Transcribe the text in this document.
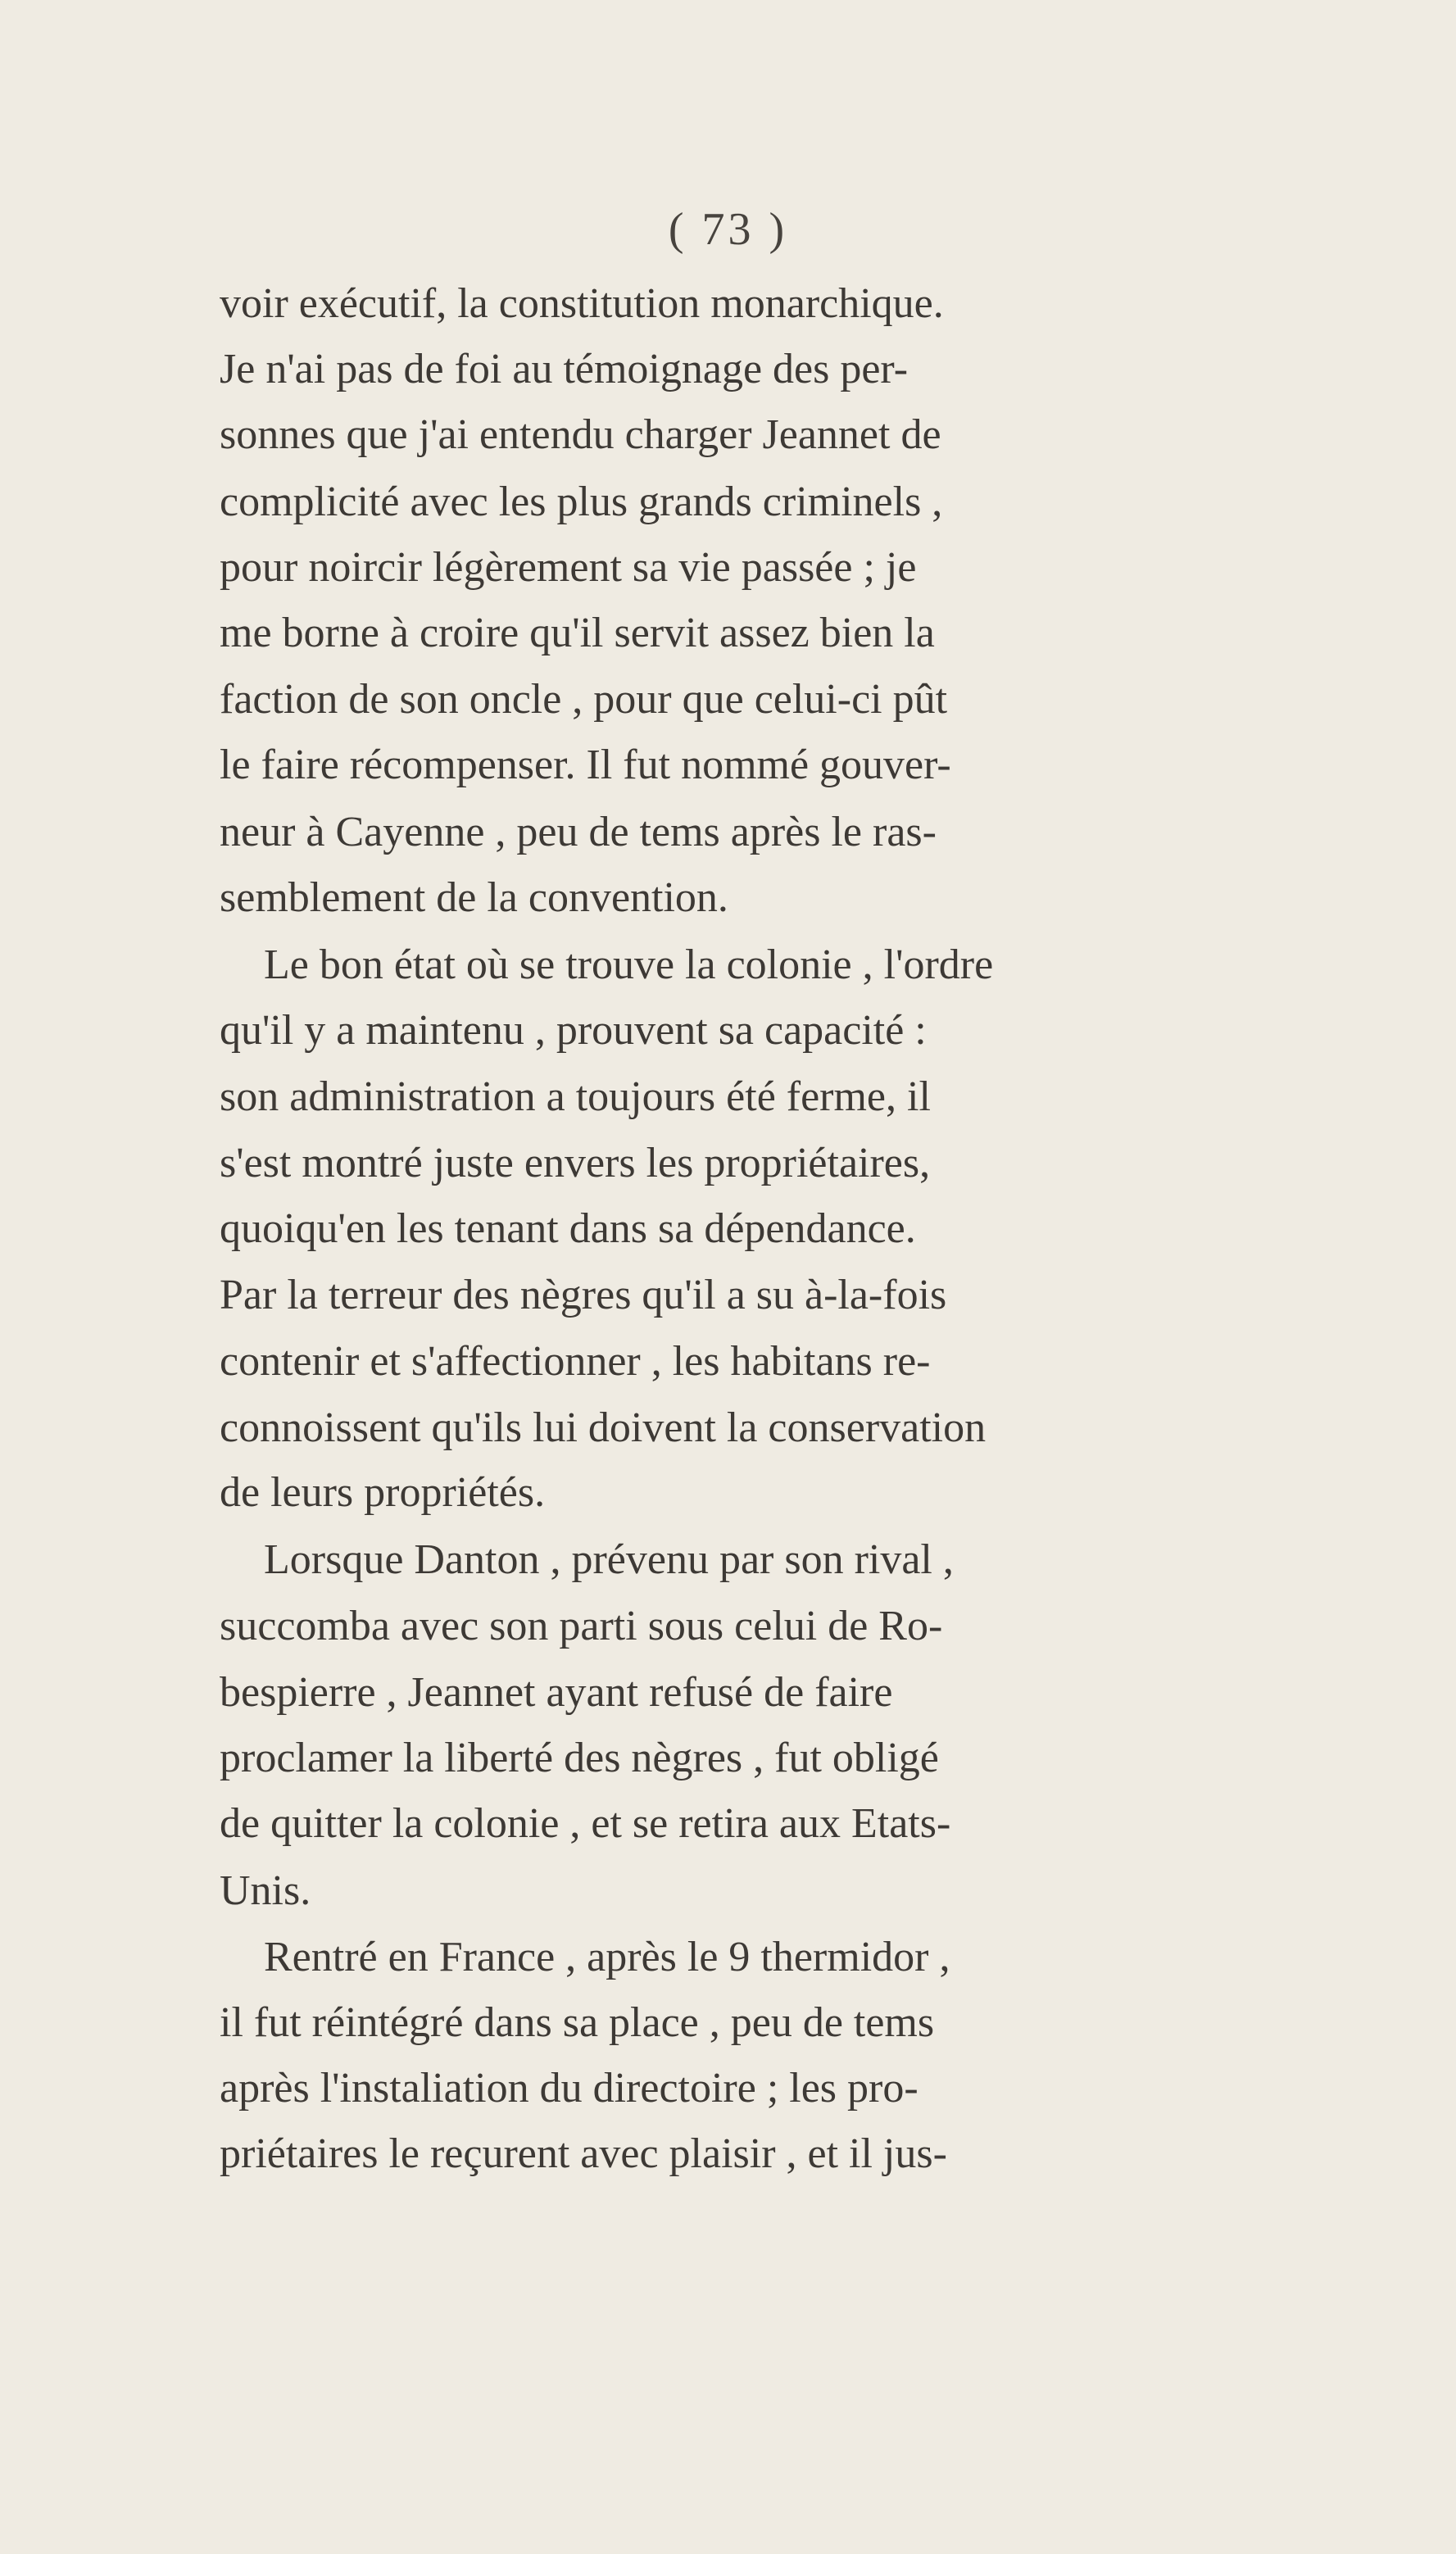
( 73 )
voir exécutif, la constitution monarchique.
Je n'ai pas de foi au témoignage des per-
sonnes que j'ai entendu charger Jeannet de
complicité avec les plus grands criminels ,
pour noircir légèrement sa vie passée ; je
me borne à croire qu'il servit assez bien la
faction de son oncle , pour que celui-ci pût
le faire récompenser. Il fut nommé gouver-
neur à Cayenne , peu de tems après le ras-
semblement de la convention.
Le bon état où se trouve la colonie , l'ordre
qu'il y a maintenu , prouvent sa capacité :
son administration a toujours été ferme, il
s'est montré juste envers les propriétaires,
quoiqu'en les tenant dans sa dépendance.
Par la terreur des nègres qu'il a su à-la-fois
contenir et s'affectionner , les habitans re-
connoissent qu'ils lui doivent la conservation
de leurs propriétés.
Lorsque Danton , prévenu par son rival ,
succomba avec son parti sous celui de Ro-
bespierre , Jeannet ayant refusé de faire
proclamer la liberté des nègres , fut obligé
de quitter la colonie , et se retira aux Etats-
Unis.
Rentré en France , après le 9 thermidor ,
il fut réintégré dans sa place , peu de tems
après l'instaliation du directoire ; les pro-
priétaires le reçurent avec plaisir , et il jus-
